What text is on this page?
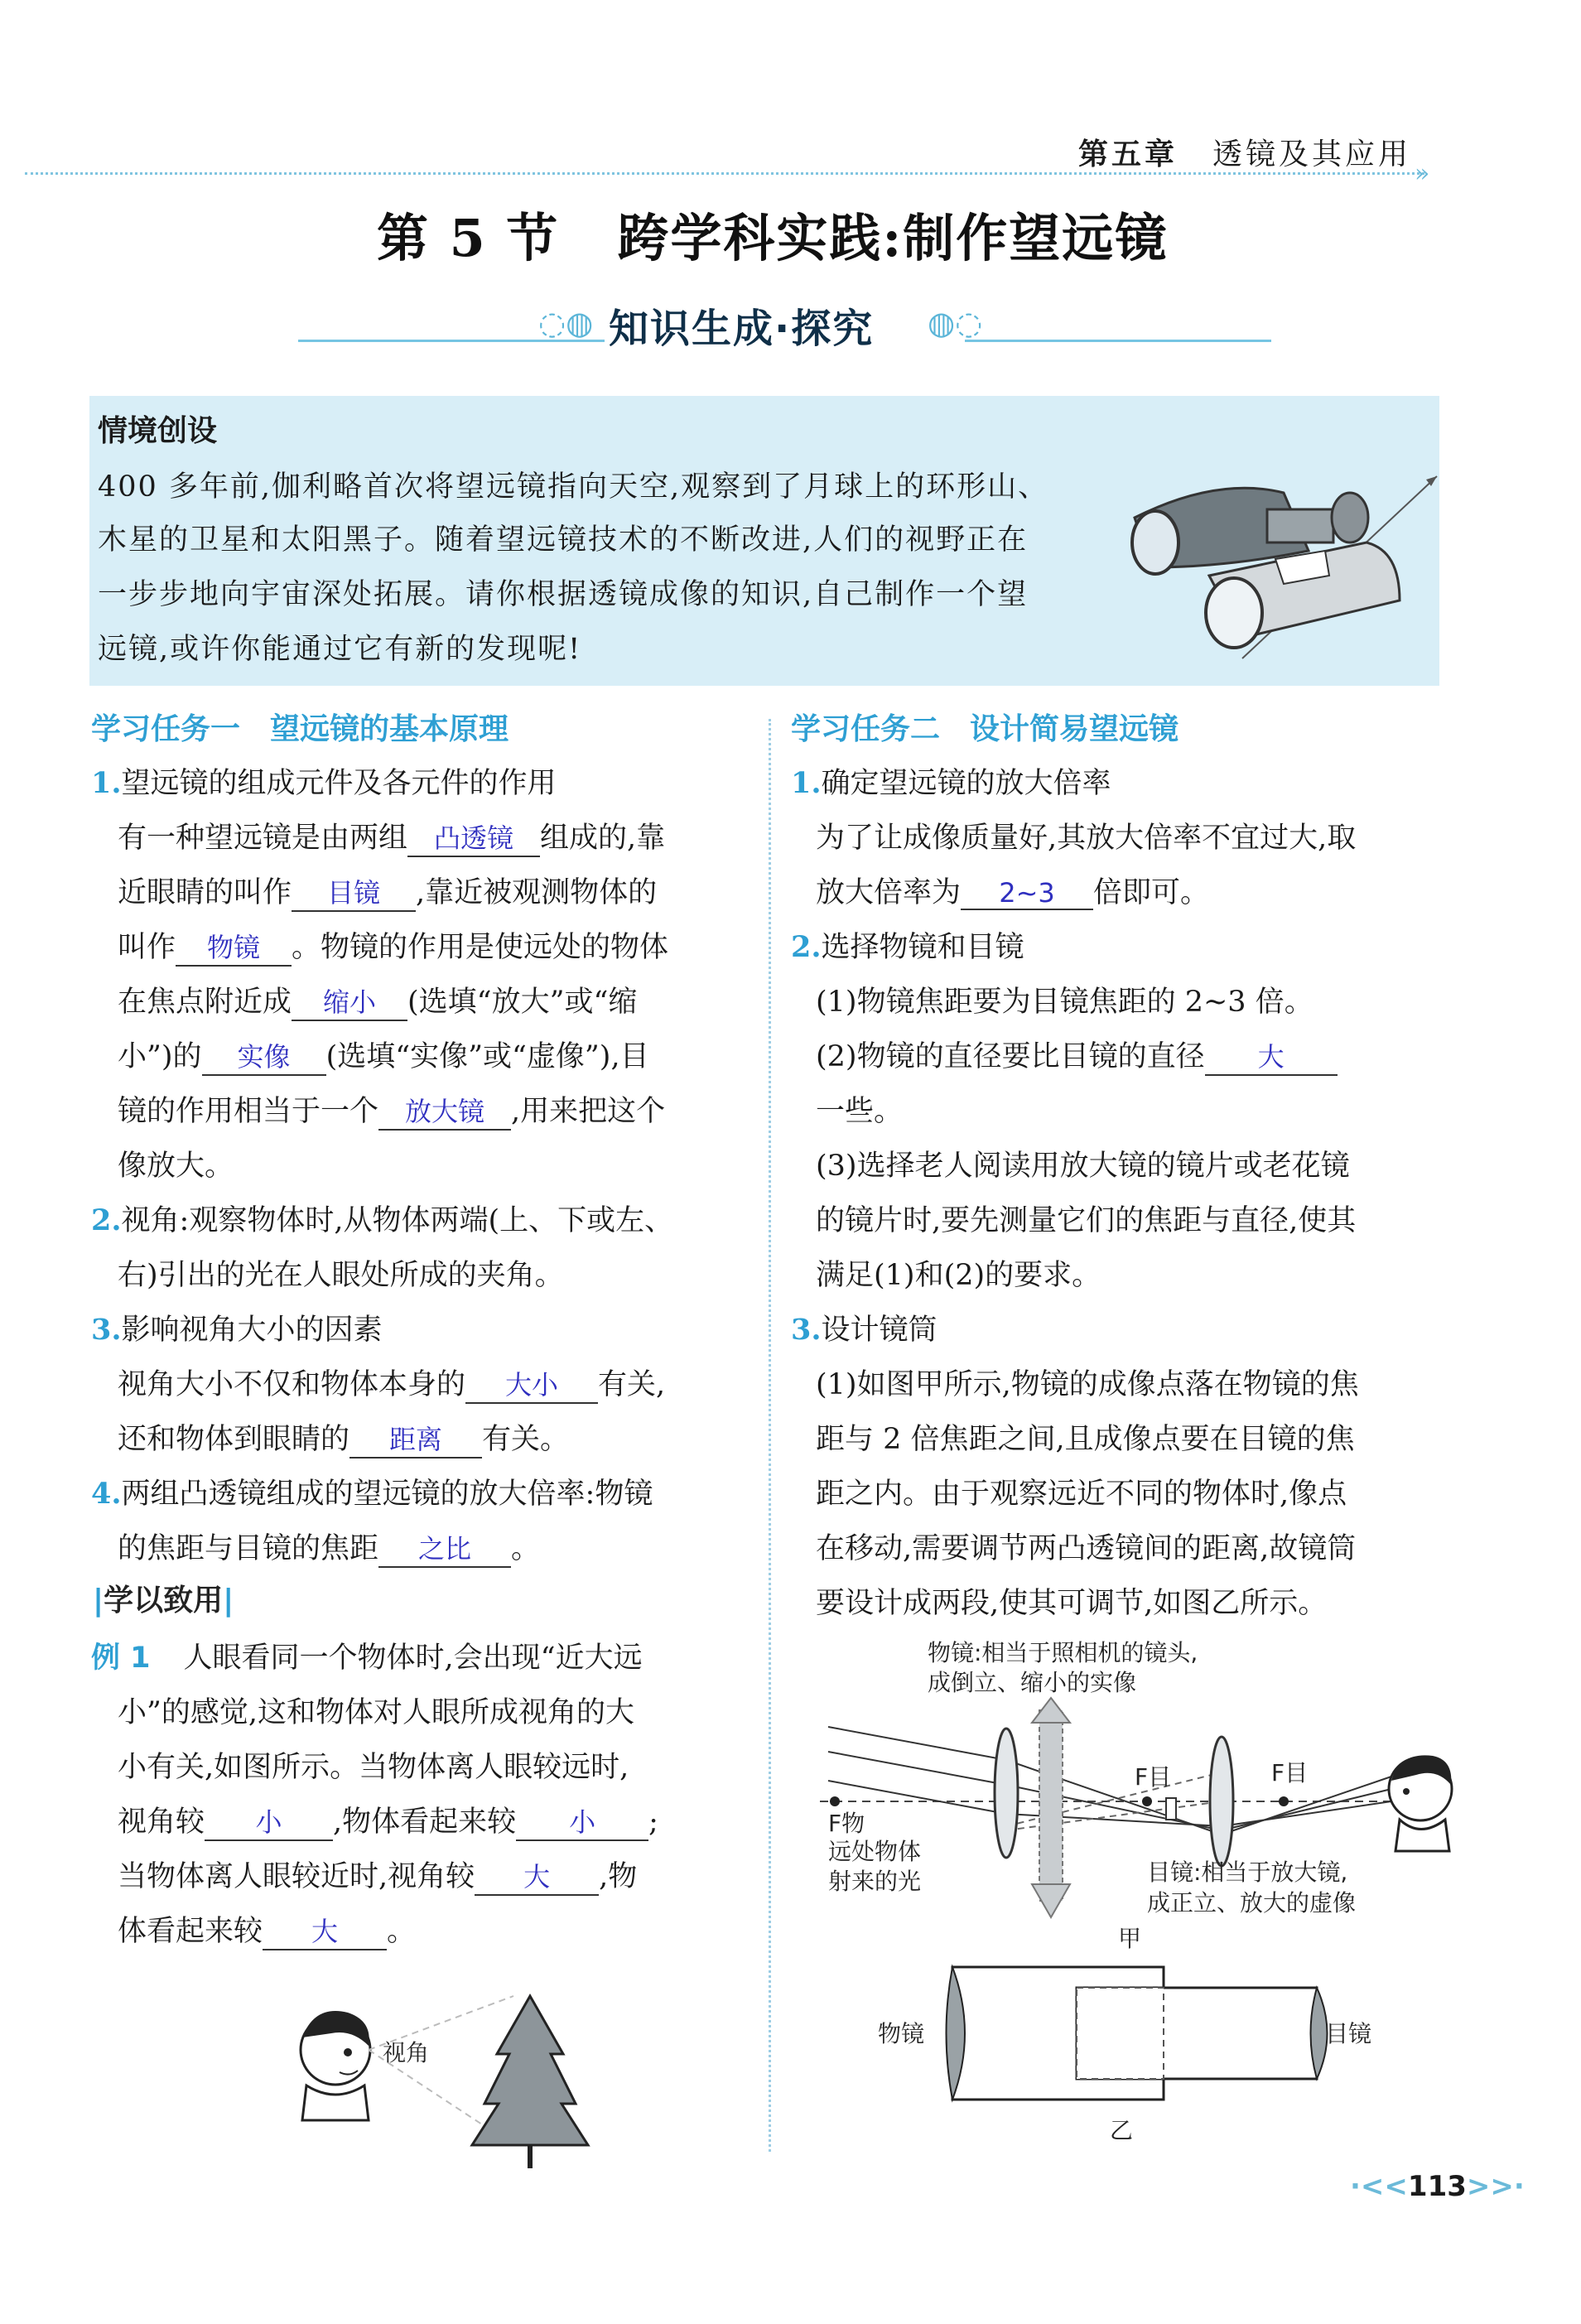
第五章 透镜及其应用
»
第 5 节 跨学科实践:制作望远镜
◌◍	◍◌
知识生成·探究
情境创设
400 多年前,伽利略首次将望远镜指向天空,观察到了月球上的环形山、
木星的卫星和太阳黑子。随着望远镜技术的不断改进,人们的视野正在
一步步地向宇宙深处拓展。请你根据透镜成像的知识,自己制作一个望
远镜,或许你能通过它有新的发现呢!
学习任务一　望远镜的基本原理
1.望远镜的组成元件及各元件的作用
有一种望远镜是由两组 凸透镜 组成的,靠
近眼睛的叫作 目镜 ,靠近被观测物体的
叫作 物镜 。物镜的作用是使远处的物体
在焦点附近成 缩小 (选填“放大”或“缩
小”)的 实像 (选填“实像”或“虚像”),目
镜的作用相当于一个 放大镜 ,用来把这个
像放大。
2.视角:观察物体时,从物体两端(上、下或左、
右)引出的光在人眼处所成的夹角。
3.影响视角大小的因素
视角大小不仅和物体本身的 大小 有关,
还和物体到眼睛的 距离 有关。
4.两组凸透镜组成的望远镜的放大倍率:物镜
的焦距与目镜的焦距 之比 。
|学以致用|
例 1 人眼看同一个物体时,会出现“近大远
小”的感觉,这和物体对人眼所成视角的大
小有关,如图所示。当物体离人眼较远时,
视角较 小 ,物体看起来较 小 ;
当物体离人眼较近时,视角较 大 ,物
体看起来较 大 。
视角
学习任务二　设计简易望远镜
1.确定望远镜的放大倍率
为了让成像质量好,其放大倍率不宜过大,取
放大倍率为 2~3 倍即可。
2.选择物镜和目镜
(1)物镜焦距要为目镜焦距的 2~3 倍。
(2)物镜的直径要比目镜的直径 大
一些。
(3)选择老人阅读用放大镜的镜片或老花镜
的镜片时,要先测量它们的焦距与直径,使其
满足(1)和(2)的要求。
3.设计镜筒
(1)如图甲所示,物镜的成像点落在物镜的焦
距与 2 倍焦距之间,且成像点要在目镜的焦
距之内。由于观察远近不同的物体时,像点
在移动,需要调节两凸透镜间的距离,故镜筒
要设计成两段,使其可调节,如图乙所示。
物镜:相当于照相机的镜头,
成倒立、缩小的实像
F目	F目
F物
远处物体
射来的光	目镜:相当于放大镜,
成正立、放大的虚像
甲
物镜	目镜
乙
·<<113>>·
